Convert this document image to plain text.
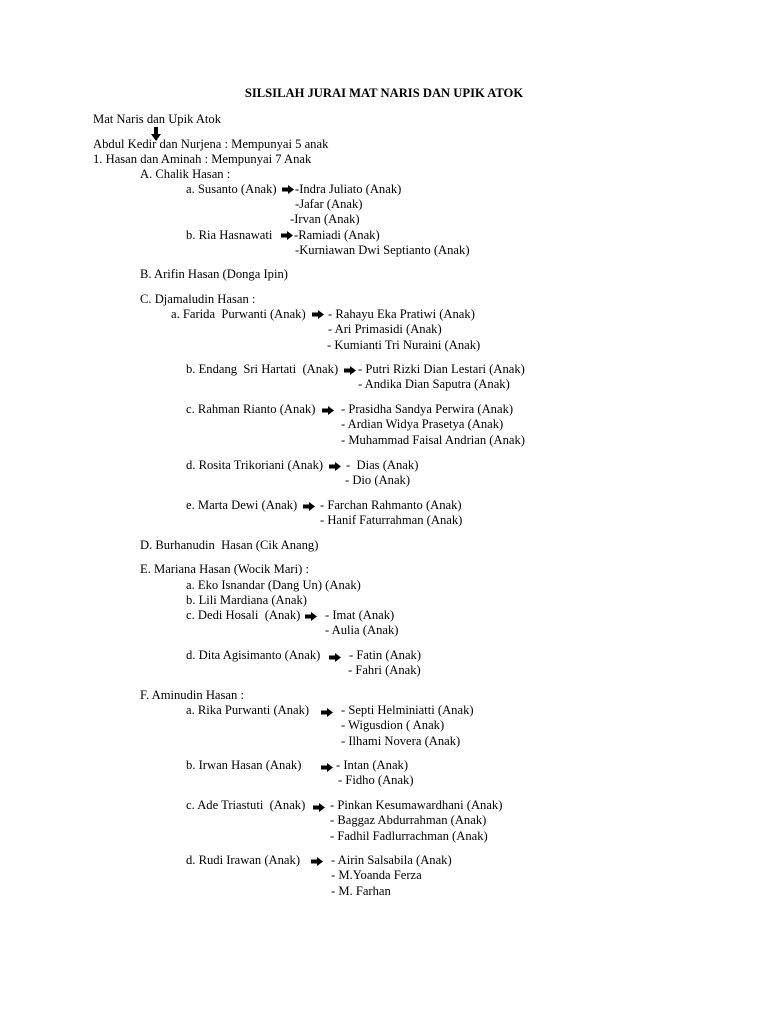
SILSILAH JURAI MAT NARIS DAN UPIK ATOK
Mat Naris dan Upik Atok
Abdul Kedir dan Nurjena : Mempunyai 5 anak
1. Hasan dan Aminah : Mempunyai 7 Anak
A. Chalik Hasan :
a. Susanto (Anak) -Indra Juliato (Anak)
-Jafar (Anak)
-Irvan (Anak)
b. Ria Hasnawati -Ramiadi (Anak)
-Kurniawan Dwi Septianto (Anak)
B. Arifin Hasan (Donga Ipin)
C. Djamaludin Hasan :
a. Farida  Purwanti (Anak) - Rahayu Eka Pratiwi (Anak)
- Ari Primasidi (Anak)
- Kumianti Tri Nuraini (Anak)
b. Endang  Sri Hartati  (Anak) - Putri Rizki Dian Lestari (Anak)
- Andika Dian Saputra (Anak)
c. Rahman Rianto (Anak) - Prasidha Sandya Perwira (Anak)
- Ardian Widya Prasetya (Anak)
- Muhammad Faisal Andrian (Anak)
d. Rosita Trikoriani (Anak) -  Dias (Anak)
- Dio (Anak)
e. Marta Dewi (Anak) - Farchan Rahmanto (Anak)
- Hanif Faturrahman (Anak)
D. Burhanudin  Hasan (Cik Anang)
E. Mariana Hasan (Wocik Mari) :
a. Eko Isnandar (Dang Un) (Anak)
b. Lili Mardiana (Anak)
c. Dedi Hosali  (Anak) - Imat (Anak)
- Aulia (Anak)
d. Dita Agisimanto (Anak) - Fatin (Anak)
- Fahri (Anak)
F. Aminudin Hasan :
a. Rika Purwanti (Anak)	- Septi Helminiatti (Anak)
- Wigusdion ( Anak)
- Ilhami Novera (Anak)
b. Irwan Hasan (Anak)	- Intan (Anak)
- Fidho (Anak)
c. Ade Triastuti  (Anak) - Pinkan Kesumawardhani (Anak)
- Baggaz Abdurrahman (Anak)
- Fadhil Fadlurrachman (Anak)
d. Rudi Irawan (Anak) - Airin Salsabila (Anak)
- M.Yoanda Ferza
- M. Farhan
